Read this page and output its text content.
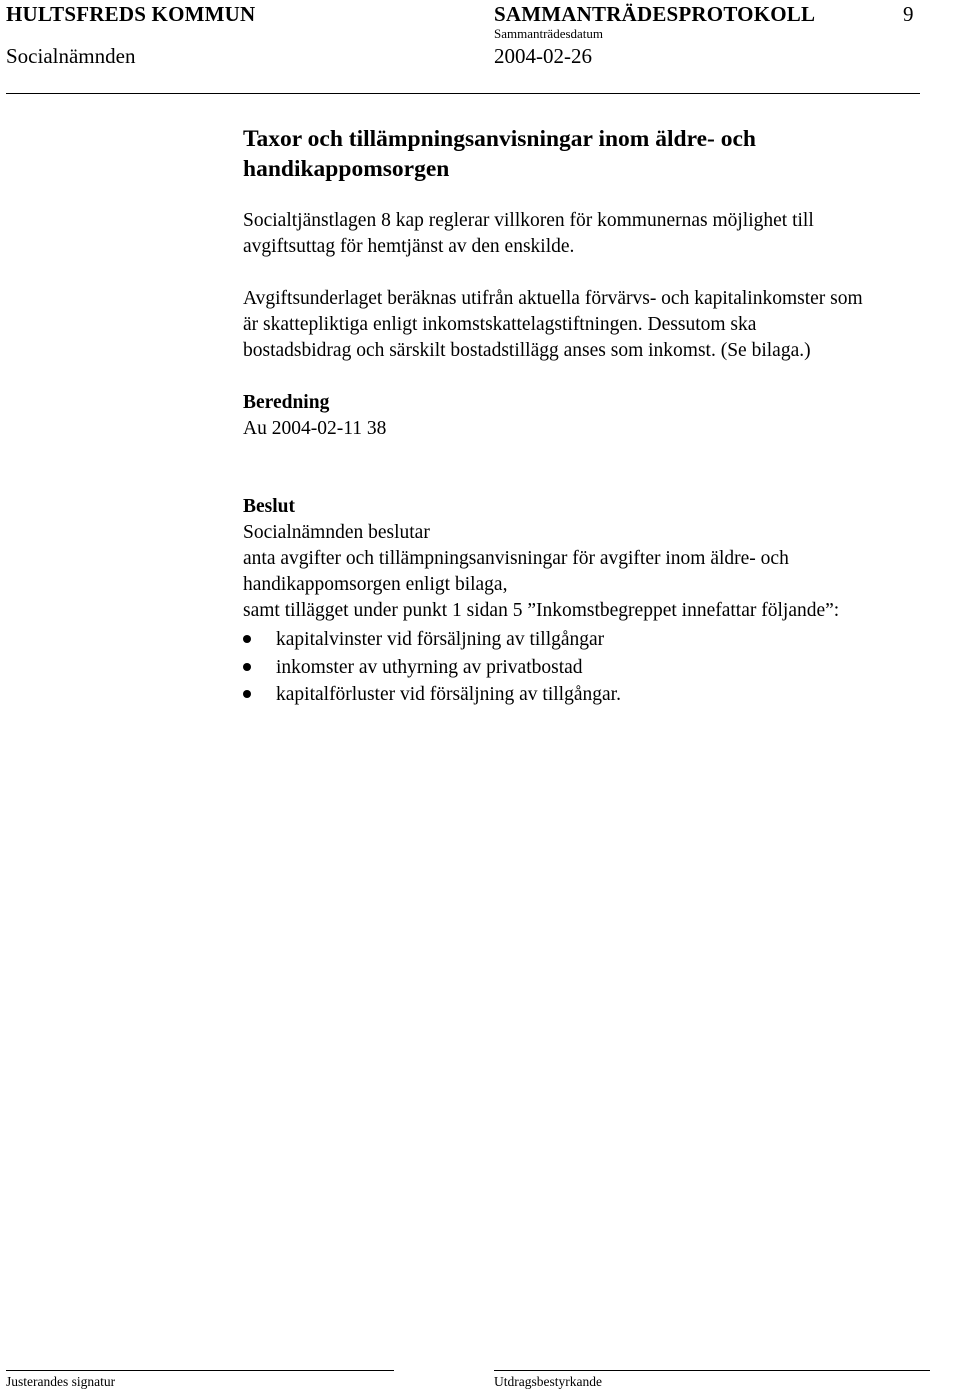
HULTSFREDS KOMMUN	SAMMANTRÄDESPROTOKOLL	9
Socialnämnden
Sammanträdesdatum
2004-02-26
Taxor och tillämpningsanvisningar inom äldre- och handikappomsorgen
Socialtjänstlagen 8 kap reglerar villkoren för kommunernas möjlighet till
avgiftsuttag för hemtjänst av den enskilde.
Avgiftsunderlaget beräknas utifrån aktuella förvärvs- och kapitalinkomster som
är skattepliktiga enligt inkomstskattelagstiftningen. Dessutom ska
bostadsbidrag och särskilt bostadstillägg anses som inkomst. (Se bilaga.)
Beredning
Au 2004-02-11 38
Beslut
Socialnämnden beslutar
anta avgifter och tillämpningsanvisningar för avgifter inom äldre- och
handikappomsorgen enligt bilaga,
samt tillägget under punkt 1 sidan 5 ”Inkomstbegreppet innefattar följande”:
kapitalvinster vid försäljning av tillgångar
inkomster av uthyrning av privatbostad
kapitalförluster vid försäljning av tillgångar.
Justerandes signatur	Utdragsbestyrkande
